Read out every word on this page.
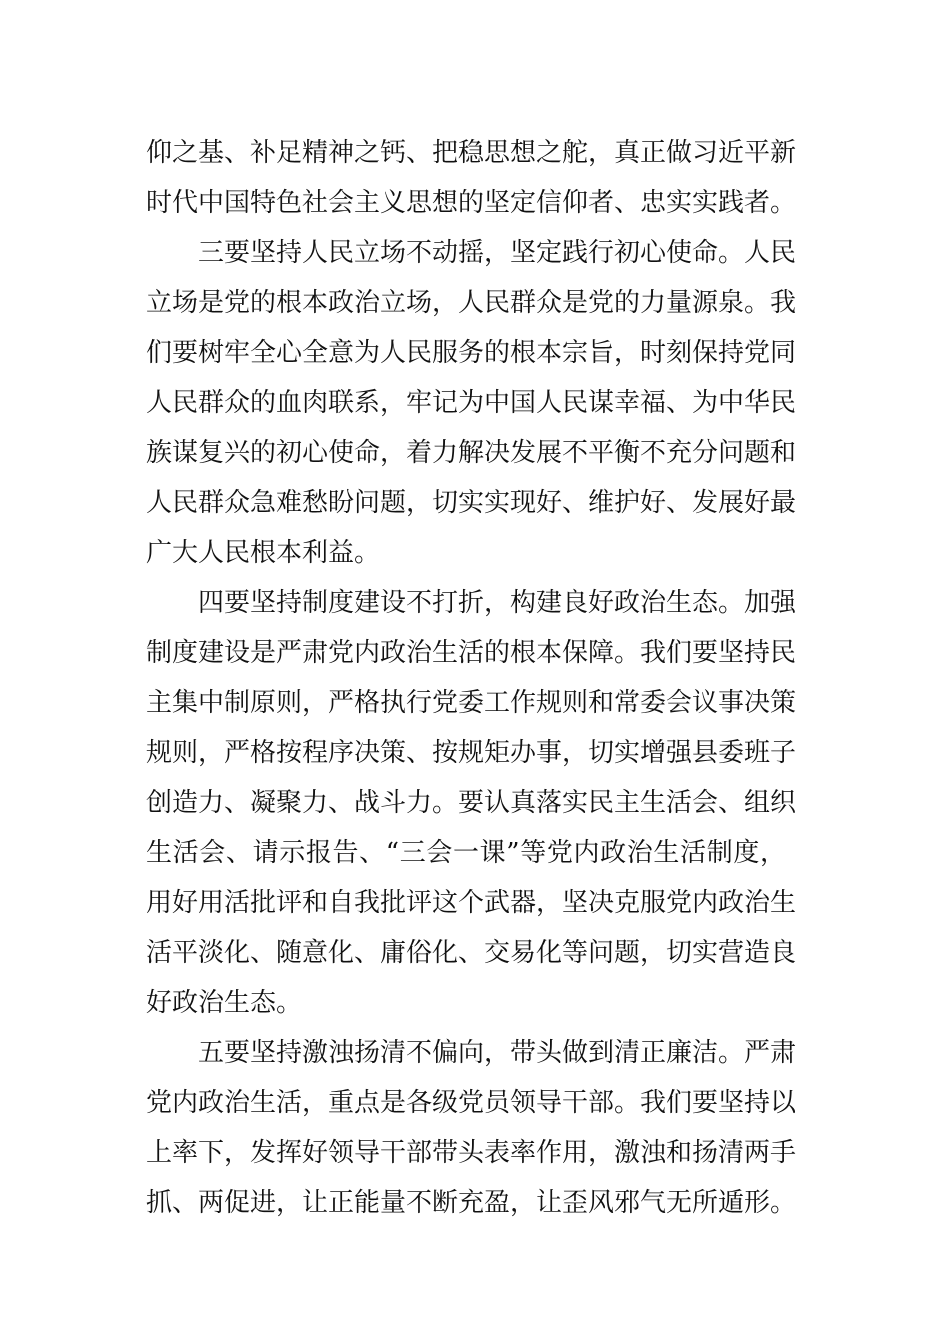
仰之基、补足精神之钙、把稳思想之舵，真正做习近平新
时代中国特色社会主义思想的坚定信仰者、忠实实践者。
三要坚持人民立场不动摇，坚定践行初心使命。人民
立场是党的根本政治立场，人民群众是党的力量源泉。我
们要树牢全心全意为人民服务的根本宗旨，时刻保持党同
人民群众的血肉联系，牢记为中国人民谋幸福、为中华民
族谋复兴的初心使命，着力解决发展不平衡不充分问题和
人民群众急难愁盼问题，切实实现好、维护好、发展好最
广大人民根本利益。
四要坚持制度建设不打折，构建良好政治生态。加强
制度建设是严肃党内政治生活的根本保障。我们要坚持民
主集中制原则，严格执行党委工作规则和常委会议事决策
规则，严格按程序决策、按规矩办事，切实增强县委班子
创造力、凝聚力、战斗力。要认真落实民主生活会、组织
生活会、请示报告、“三会一课”等党内政治生活制度，
用好用活批评和自我批评这个武器，坚决克服党内政治生
活平淡化、随意化、庸俗化、交易化等问题，切实营造良
好政治生态。
五要坚持激浊扬清不偏向，带头做到清正廉洁。严肃
党内政治生活，重点是各级党员领导干部。我们要坚持以
上率下，发挥好领导干部带头表率作用，激浊和扬清两手
抓、两促进，让正能量不断充盈，让歪风邪气无所遁形。
